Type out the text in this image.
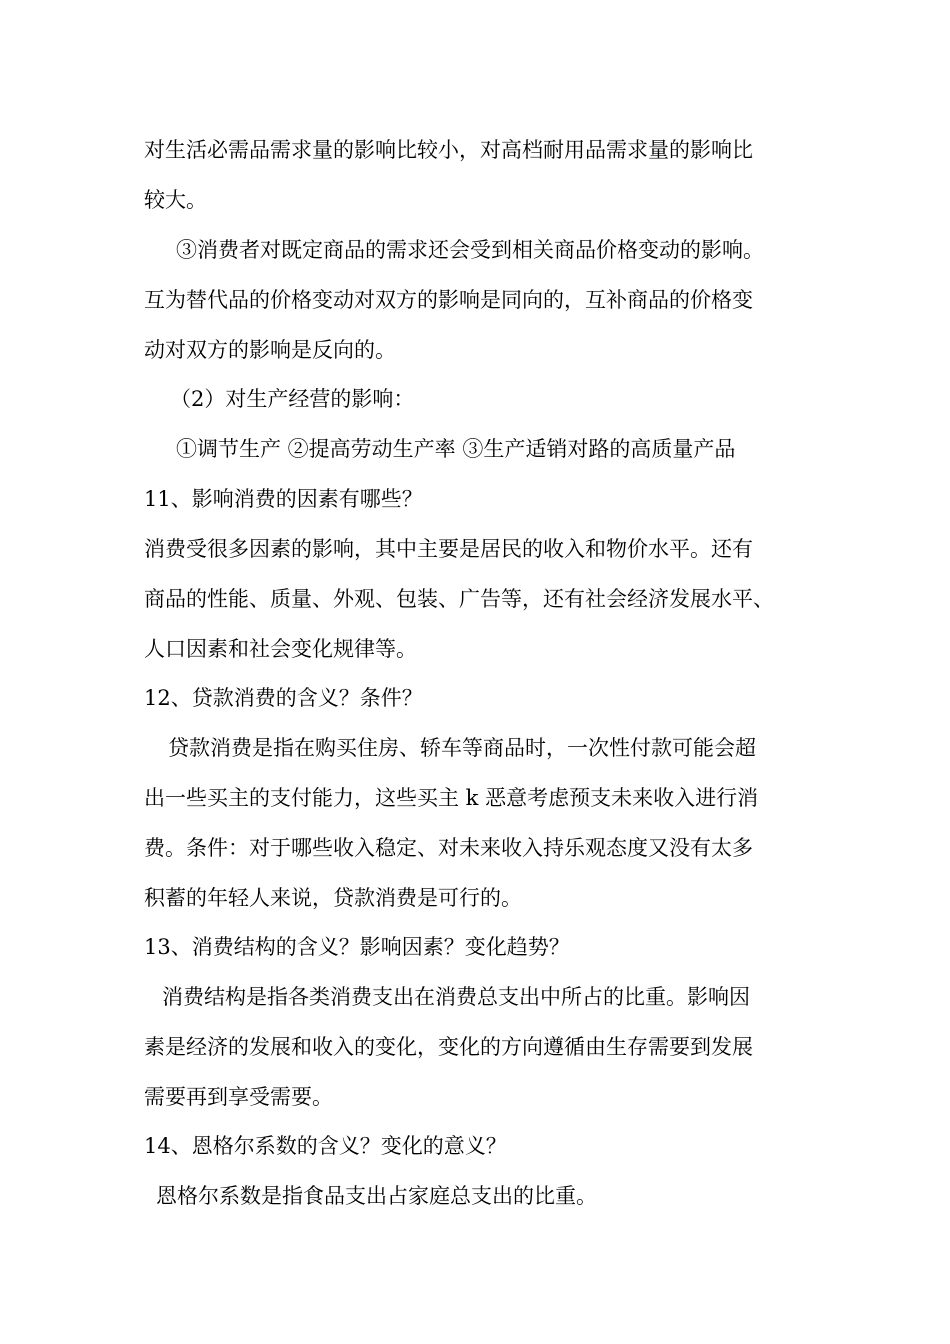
对生活必需品需求量的影响比较小，对高档耐用品需求量的影响比
较大。
③消费者对既定商品的需求还会受到相关商品价格变动的影响。
互为替代品的价格变动对双方的影响是同向的，互补商品的价格变
动对双方的影响是反向的。
（2）对生产经营的影响：
①调节生产 ②提高劳动生产率 ③生产适销对路的高质量产品
11、影响消费的因素有哪些？
消费受很多因素的影响，其中主要是居民的收入和物价水平。还有
商品的性能、质量、外观、包装、广告等，还有社会经济发展水平、
人口因素和社会变化规律等。
12、贷款消费的含义？条件？
贷款消费是指在购买住房、轿车等商品时，一次性付款可能会超
出一些买主的支付能力，这些买主 k 恶意考虑预支未来收入进行消
费。条件：对于哪些收入稳定、对未来收入持乐观态度又没有太多
积蓄的年轻人来说，贷款消费是可行的。
13、消费结构的含义？影响因素？变化趋势？
消费结构是指各类消费支出在消费总支出中所占的比重。影响因
素是经济的发展和收入的变化，变化的方向遵循由生存需要到发展
需要再到享受需要。
14、恩格尔系数的含义？变化的意义？
恩格尔系数是指食品支出占家庭总支出的比重。
